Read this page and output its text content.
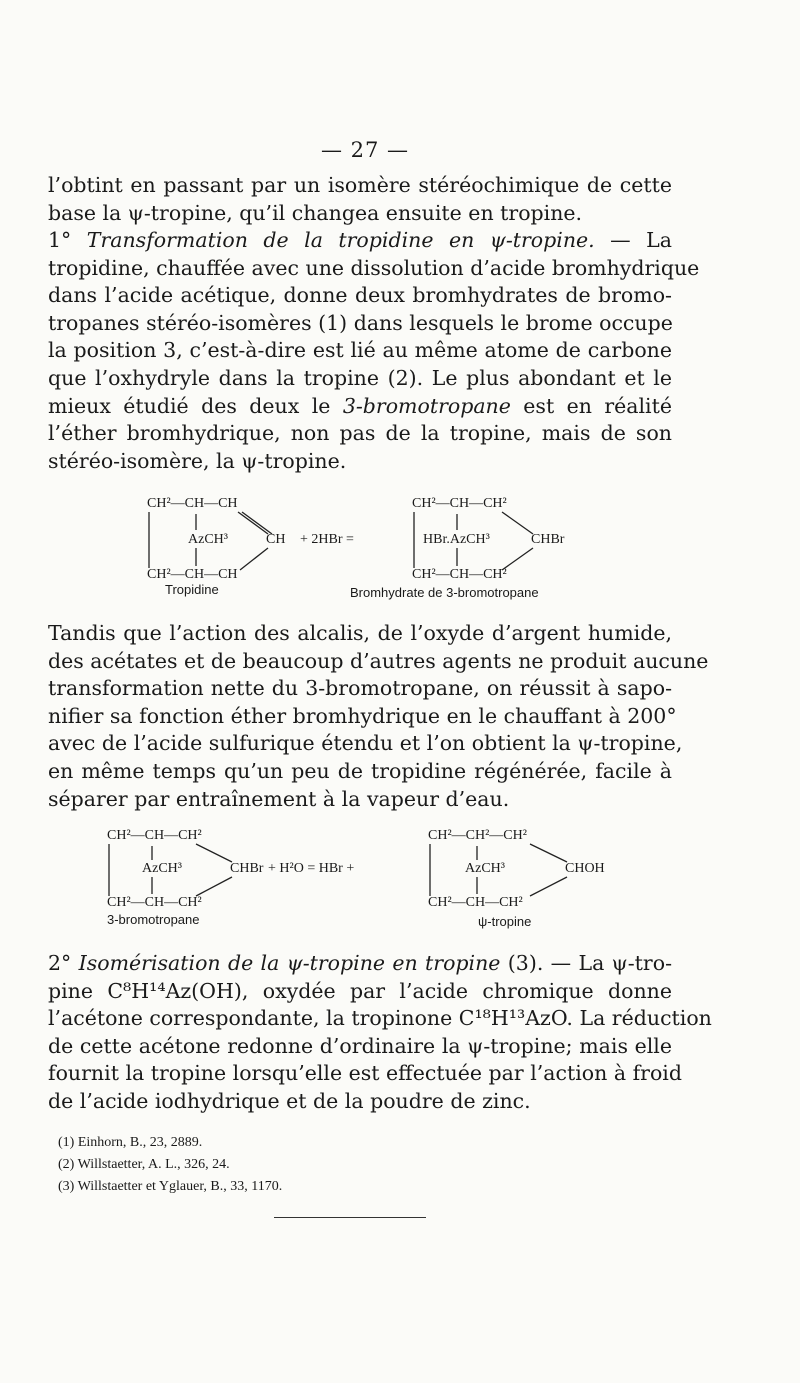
— 27 —
l’obtint en passant par un isomère stéréochimique de cette
base la ψ-tropine, qu’il changea ensuite en tropine.
1° Transformation de la tropidine en ψ-tropine. — La
tropidine, chauffée avec une dissolution d’acide bromhydrique
dans l’acide acétique, donne deux bromhydrates de bromo-
tropanes stéréo-isomères (1) dans lesquels le brome occupe
la position 3, c’est-à-dire est lié au même atome de carbone
que l’oxhydryle dans la tropine (2). Le plus abondant et le
mieux étudié des deux le 3-bromotropane est en réalité
l’éther bromhydrique, non pas de la tropine, mais de son
stéréo-isomère, la ψ-tropine.
CH²—CH—CH
AzCH³	CH
CH²—CH—CH
+ 2HBr =
CH²—CH—CH²
HBr.AzCH³	CHBr
CH²—CH—CH²
Tropidine	Bromhydrate de 3-bromotropane
Tandis que l’action des alcalis, de l’oxyde d’argent humide,
des acétates et de beaucoup d’autres agents ne produit aucune
transformation nette du 3-bromotropane, on réussit à sapo-
nifier sa fonction éther bromhydrique en le chauffant à 200°
avec de l’acide sulfurique étendu et l’on obtient la ψ-tropine,
en même temps qu’un peu de tropidine régénérée, facile à
séparer par entraînement à la vapeur d’eau.
CH²—CH—CH²
AzCH³	CHBr
CH²—CH—CH²
+ H²O = HBr +
CH²—CH²—CH²
AzCH³	CHOH
CH²—CH—CH²
3-bromotropane	ψ-tropine
2° Isomérisation de la ψ-tropine en tropine (3). — La ψ-tro-
pine C⁸H¹⁴Az(OH), oxydée par l’acide chromique donne
l’acétone correspondante, la tropinone C¹⁸H¹³AzO. La réduction
de cette acétone redonne d’ordinaire la ψ-tropine; mais elle
fournit la tropine lorsqu’elle est effectuée par l’action à froid
de l’acide iodhydrique et de la poudre de zinc.
(1) Einhorn, B., 23, 2889.
(2) Willstaetter, A. L., 326, 24.
(3) Willstaetter et Yglauer, B., 33, 1170.
